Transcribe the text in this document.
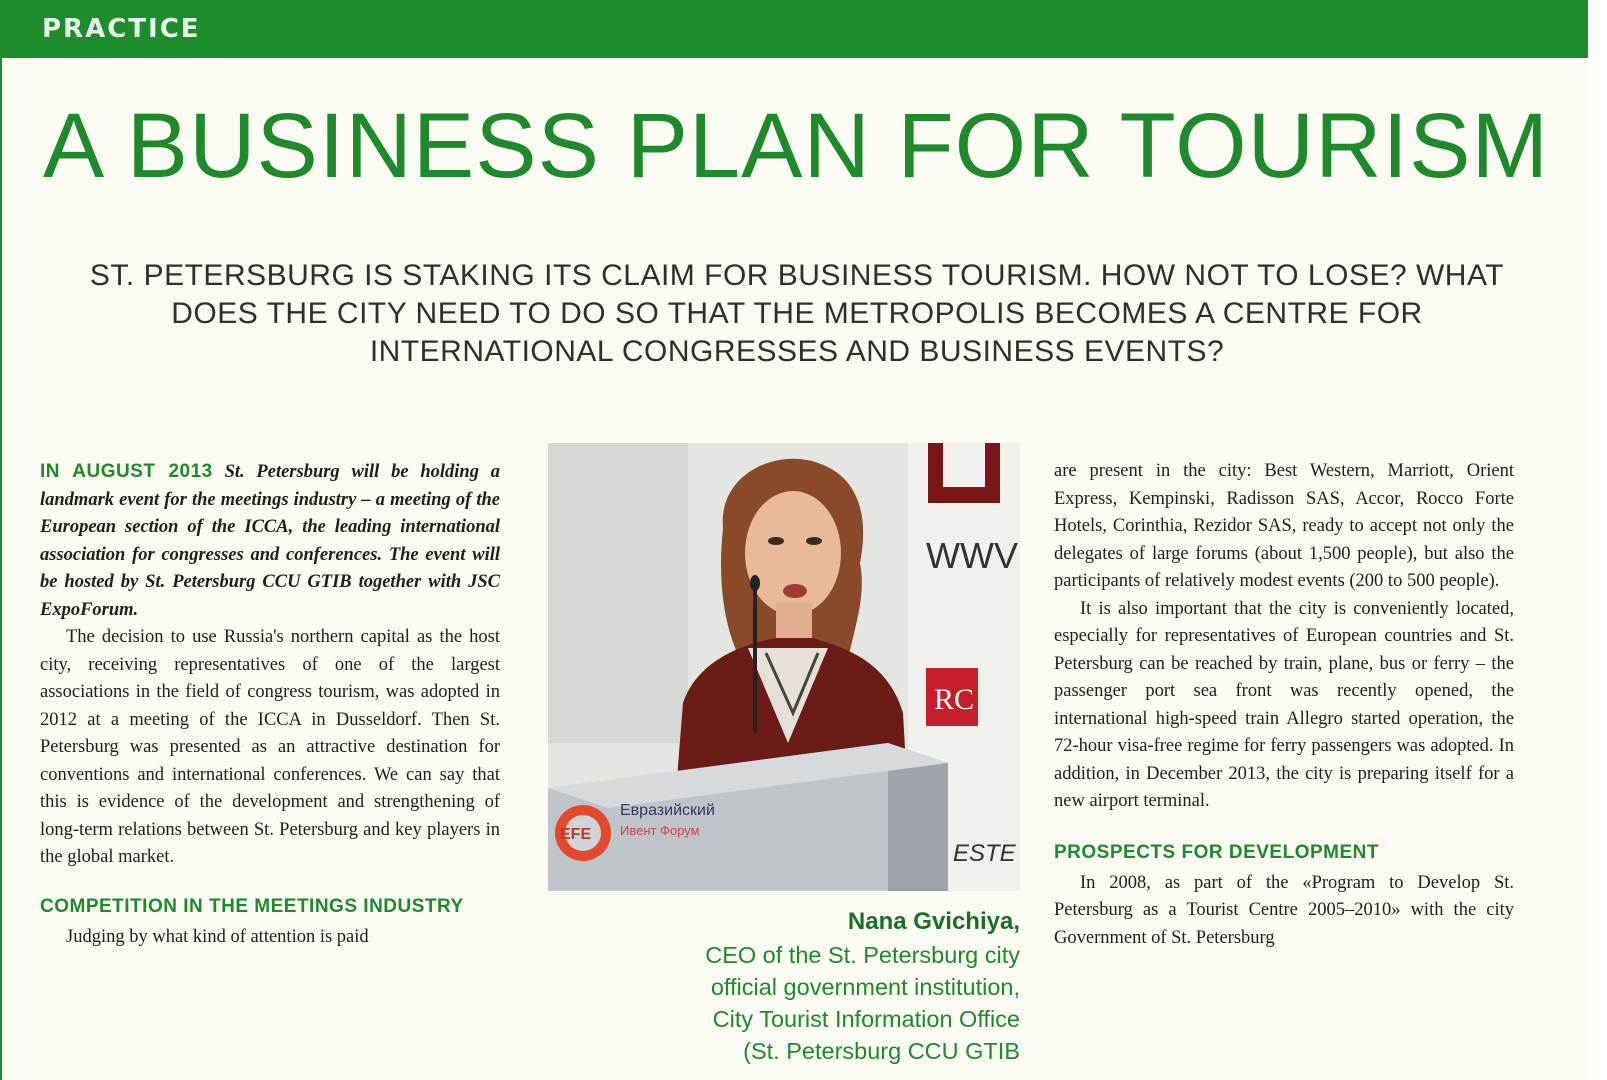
PRACTICE
A BUSINESS PLAN FOR TOURISM
ST. PETERSBURG IS STAKING ITS CLAIM FOR BUSINESS TOURISM. HOW NOT TO LOSE? WHAT DOES THE CITY NEED TO DO SO THAT THE METROPOLIS BECOMES A CENTRE FOR INTERNATIONAL CONGRESSES AND BUSINESS EVENTS?

IN AUGUST 2013 St. Petersburg will be holding a landmark event for the meetings industry – a meeting of the European section of the ICCA, the leading international association for congresses and conferences. The event will be hosted by St. Petersburg CCU GTIB together with JSC ExpoForum.

The decision to use Russia's northern capital as the host city, receiving representatives of one of the largest associations in the field of congress tourism, was adopted in 2012 at a meeting of the ICCA in Dusseldorf. Then St. Petersburg was presented as an attractive destination for conventions and international conferences. We can say that this is evidence of the development and strengthening of long-term relations between St. Petersburg and key players in the global market.

COMPETITION IN THE MEETINGS INDUSTRY

Judging by what kind of attention is paid

WWV
RC
EFE
Евразийский
Ивент Форум
ESTE
Nana Gvichiya,
CEO of the St. Petersburg city
official government institution,
City Tourist Information Office
(St. Petersburg CCU GTIB

are present in the city: Best Western, Marriott, Orient Express, Kempinski, Radisson SAS, Accor, Rocco Forte Hotels, Corinthia, Rezidor SAS, ready to accept not only the delegates of large forums (about 1,500 people), but also the participants of relatively modest events (200 to 500 people).

It is also important that the city is conveniently located, especially for representatives of European countries and St. Petersburg can be reached by train, plane, bus or ferry – the passenger port sea front was recently opened, the international high-speed train Allegro started operation, the 72-hour visa-free regime for ferry passengers was adopted. In addition, in December 2013, the city is preparing itself for a new airport terminal.

PROSPECTS FOR DEVELOPMENT

In 2008, as part of the «Program to Develop St. Petersburg as a Tourist Centre 2005–2010» with the city Government of St. Petersburg
